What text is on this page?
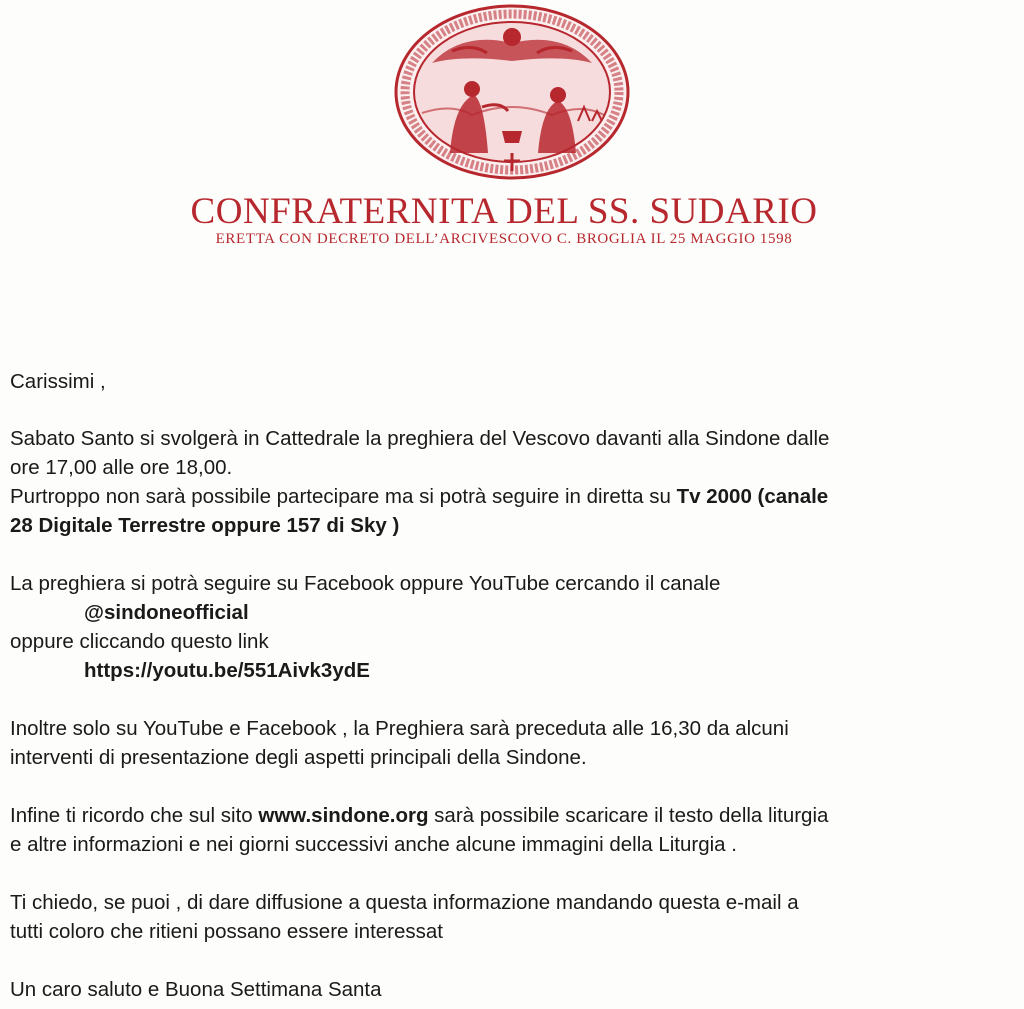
CONFRATERNITA DEL SS. SUDARIO
ERETTA CON DECRETO DELL’ARCIVESCOVO C. BROGLIA IL 25 MAGGIO 1598
Carissimi ,
Sabato Santo si svolgerà in Cattedrale la preghiera del Vescovo davanti alla Sindone dalle
ore 17,00 alle ore 18,00.
Purtroppo non sarà possibile partecipare ma si potrà seguire in diretta su Tv 2000 (canale
28 Digitale Terrestre oppure 157 di Sky )
La preghiera si potrà seguire su Facebook oppure YouTube cercando il canale
@sindoneofficial
oppure cliccando questo link
https://youtu.be/551Aivk3ydE
Inoltre solo su YouTube e Facebook , la Preghiera sarà preceduta alle 16,30 da alcuni
interventi di presentazione degli aspetti principali della Sindone.
Infine ti ricordo che sul sito www.sindone.org sarà possibile scaricare il testo della liturgia
e altre informazioni e nei giorni successivi anche alcune immagini della Liturgia .
Ti chiedo, se puoi , di dare diffusione a questa informazione mandando questa e-mail a
tutti coloro che ritieni possano essere interessat
Un caro saluto e Buona Settimana Santa
